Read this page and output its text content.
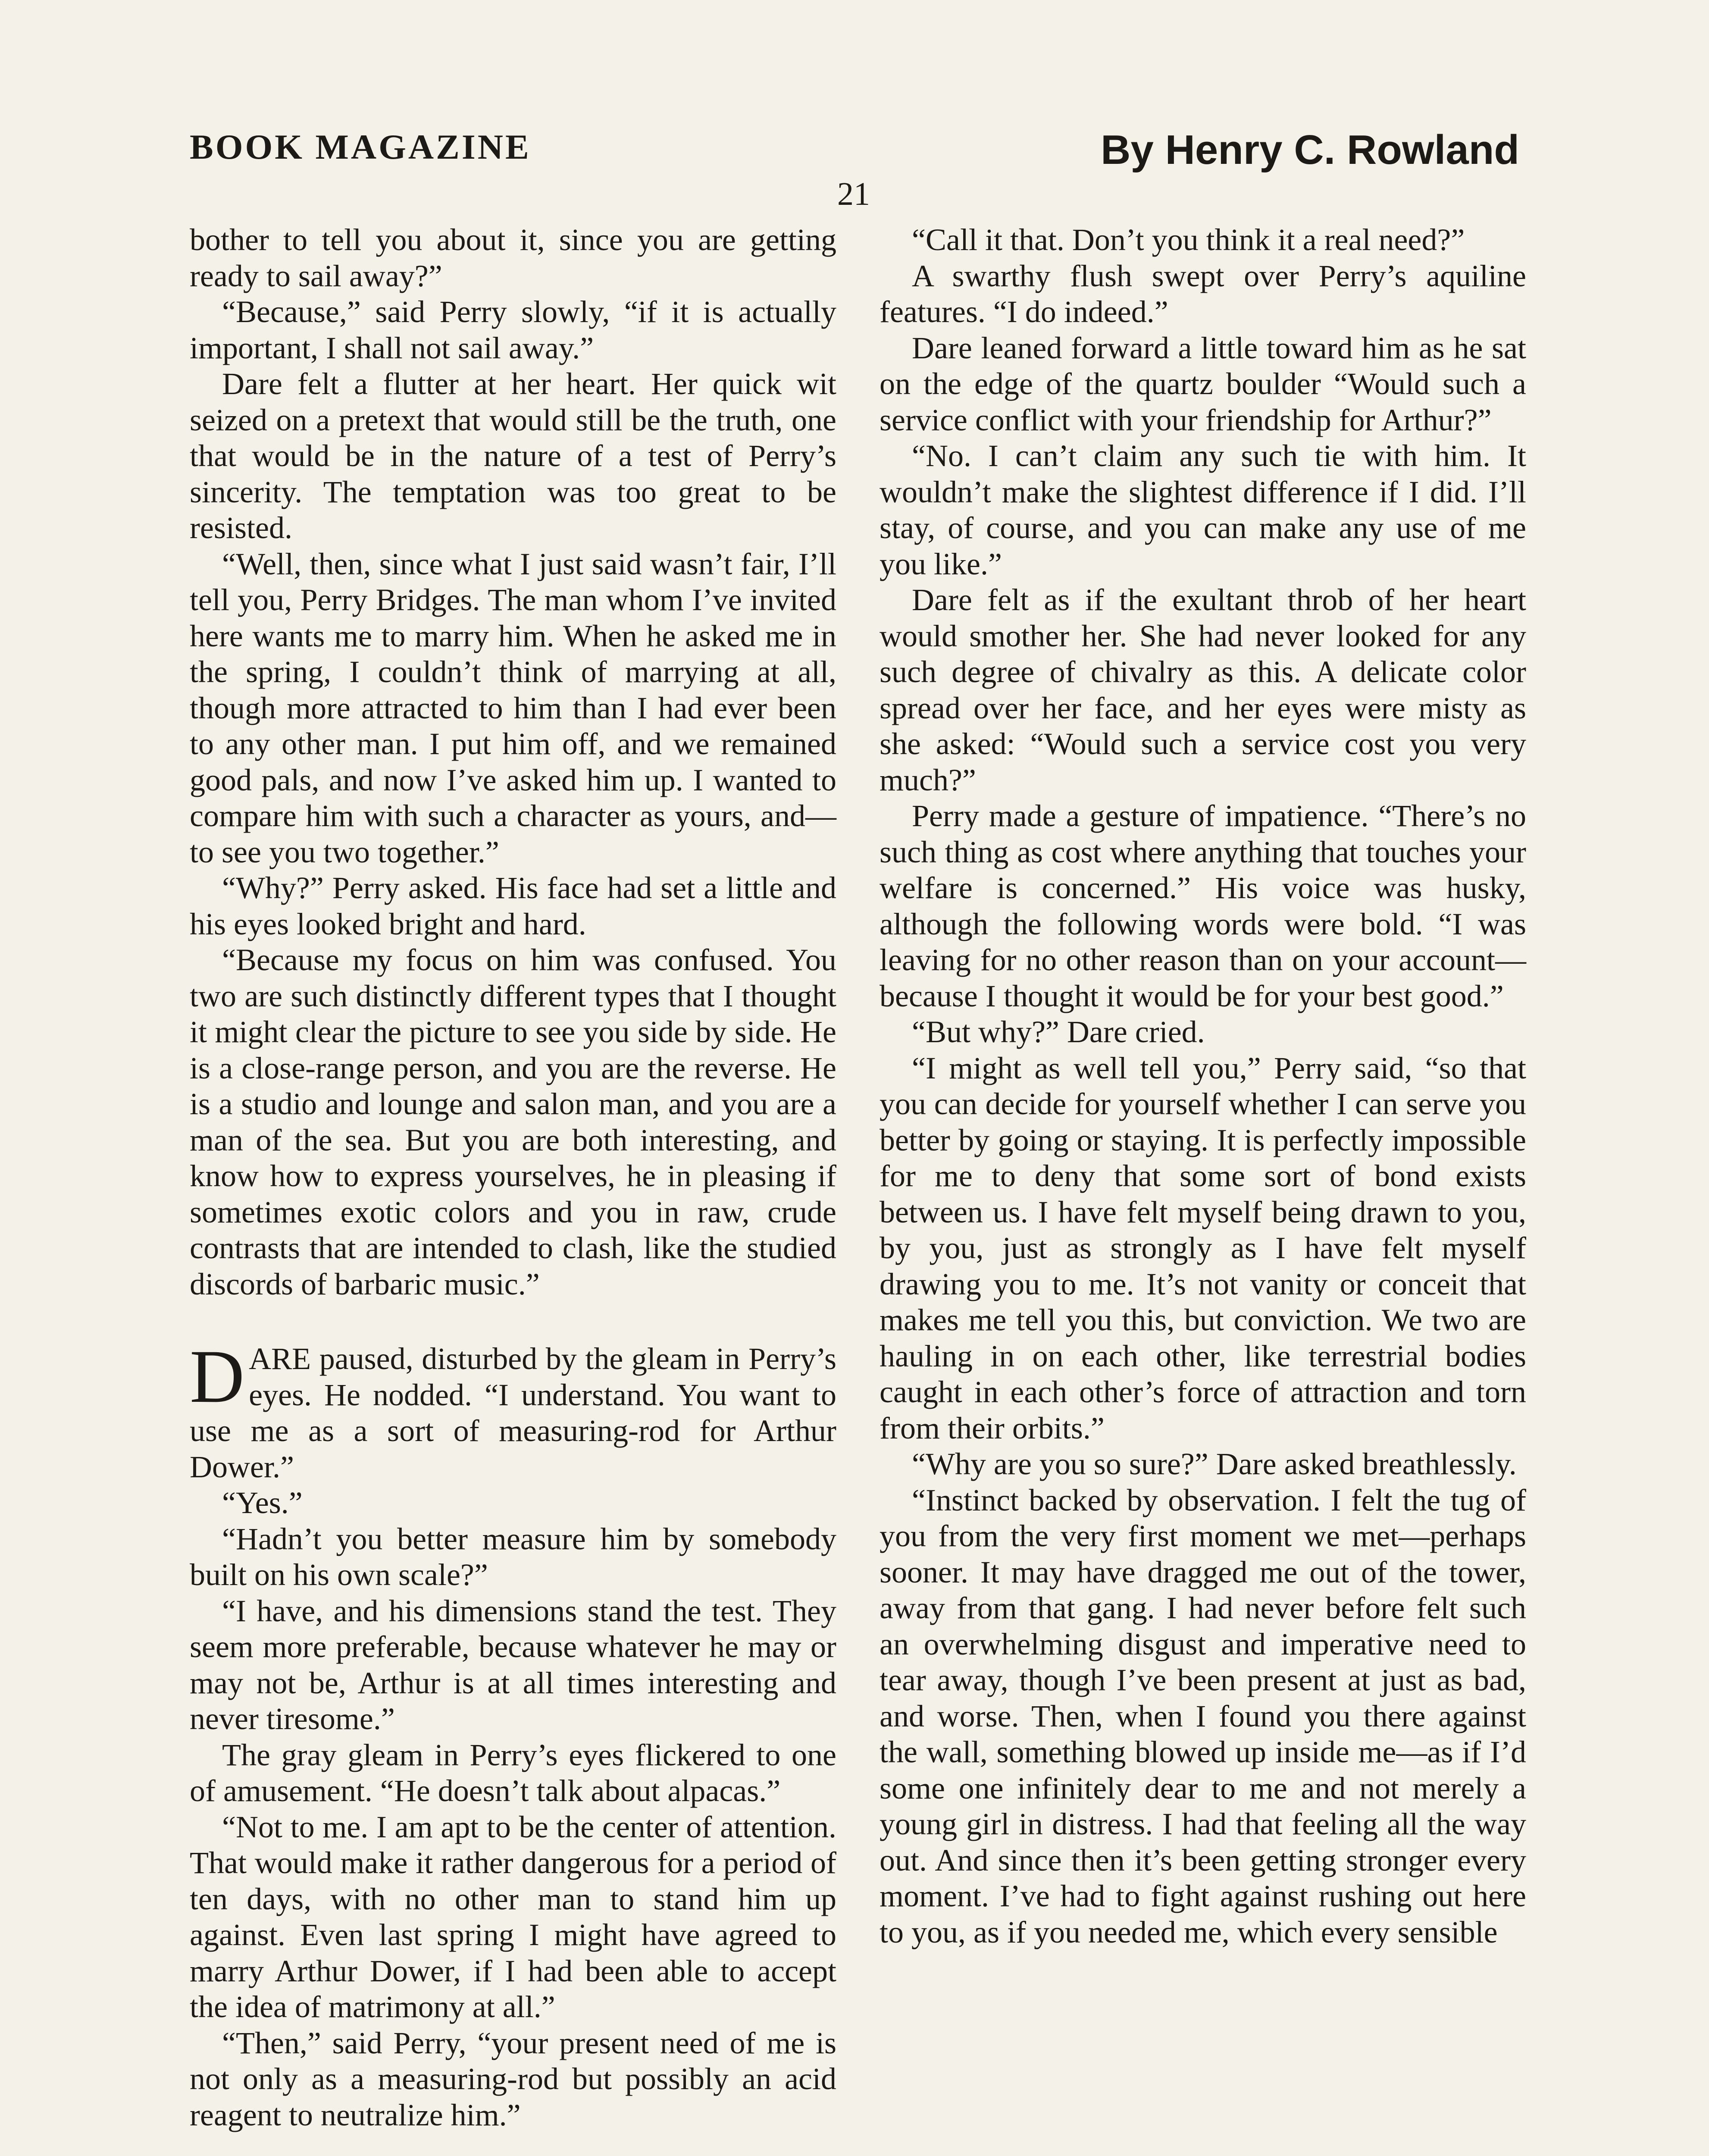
BOOK MAGAZINE	By Henry C. Rowland
21

bother to tell you about it, since you are getting ready to sail away?”

“Because,” said Perry slowly, “if it is actually important, I shall not sail away.”

Dare felt a flutter at her heart. Her quick wit seized on a pretext that would still be the truth, one that would be in the nature of a test of Perry’s sincerity. The temptation was too great to be resisted.

“Well, then, since what I just said wasn’t fair, I’ll tell you, Perry Bridges. The man whom I’ve invited here wants me to marry him. When he asked me in the spring, I couldn’t think of marrying at all, though more attracted to him than I had ever been to any other man. I put him off, and we remained good pals, and now I’ve asked him up. I wanted to compare him with such a character as yours, and—to see you two together.”

“Why?” Perry asked. His face had set a little and his eyes looked bright and hard.

“Because my focus on him was confused. You two are such distinctly different types that I thought it might clear the picture to see you side by side. He is a close-range person, and you are the reverse. He is a studio and lounge and salon man, and you are a man of the sea. But you are both interesting, and know how to express yourselves, he in pleasing if sometimes exotic colors and you in raw, crude contrasts that are intended to clash, like the studied discords of barbaric music.”

DARE paused, disturbed by the gleam in Perry’s eyes. He nodded. “I understand. You want to use me as a sort of measuring-rod for Arthur Dower.”

“Yes.”

“Hadn’t you better measure him by somebody built on his own scale?”

“I have, and his dimensions stand the test. They seem more preferable, because whatever he may or may not be, Arthur is at all times interesting and never tiresome.”

The gray gleam in Perry’s eyes flickered to one of amusement. “He doesn’t talk about alpacas.”

“Not to me. I am apt to be the center of attention. That would make it rather dangerous for a period of ten days, with no other man to stand him up against. Even last spring I might have agreed to marry Arthur Dower, if I had been able to accept the idea of matrimony at all.”

“Then,” said Perry, “your present need of me is not only as a measuring-rod but possibly an acid reagent to neutralize him.”

“Call it that. Don’t you think it a real need?”

A swarthy flush swept over Perry’s aquiline features. “I do indeed.”

Dare leaned forward a little toward him as he sat on the edge of the quartz boulder “Would such a service conflict with your friendship for Arthur?”

“No. I can’t claim any such tie with him. It wouldn’t make the slightest difference if I did. I’ll stay, of course, and you can make any use of me you like.”

Dare felt as if the exultant throb of her heart would smother her. She had never looked for any such degree of chivalry as this. A delicate color spread over her face, and her eyes were misty as she asked: “Would such a service cost you very much?”

Perry made a gesture of impatience. “There’s no such thing as cost where anything that touches your welfare is concerned.” His voice was husky, although the following words were bold. “I was leaving for no other reason than on your account—because I thought it would be for your best good.”

“But why?” Dare cried.

“I might as well tell you,” Perry said, “so that you can decide for yourself whether I can serve you better by going or staying. It is perfectly impossible for me to deny that some sort of bond exists between us. I have felt myself being drawn to you, by you, just as strongly as I have felt myself drawing you to me. It’s not vanity or conceit that makes me tell you this, but conviction. We two are hauling in on each other, like terrestrial bodies caught in each other’s force of attraction and torn from their orbits.”

“Why are you so sure?” Dare asked breathlessly.

“Instinct backed by observation. I felt the tug of you from the very first moment we met—perhaps sooner. It may have dragged me out of the tower, away from that gang. I had never before felt such an overwhelming disgust and imperative need to tear away, though I’ve been present at just as bad, and worse. Then, when I found you there against the wall, something blowed up inside me—as if I’d some one infinitely dear to me and not merely a young girl in distress. I had that feeling all the way out. And since then it’s been getting stronger every moment. I’ve had to fight against rushing out here to you, as if you needed me, which every sensible
